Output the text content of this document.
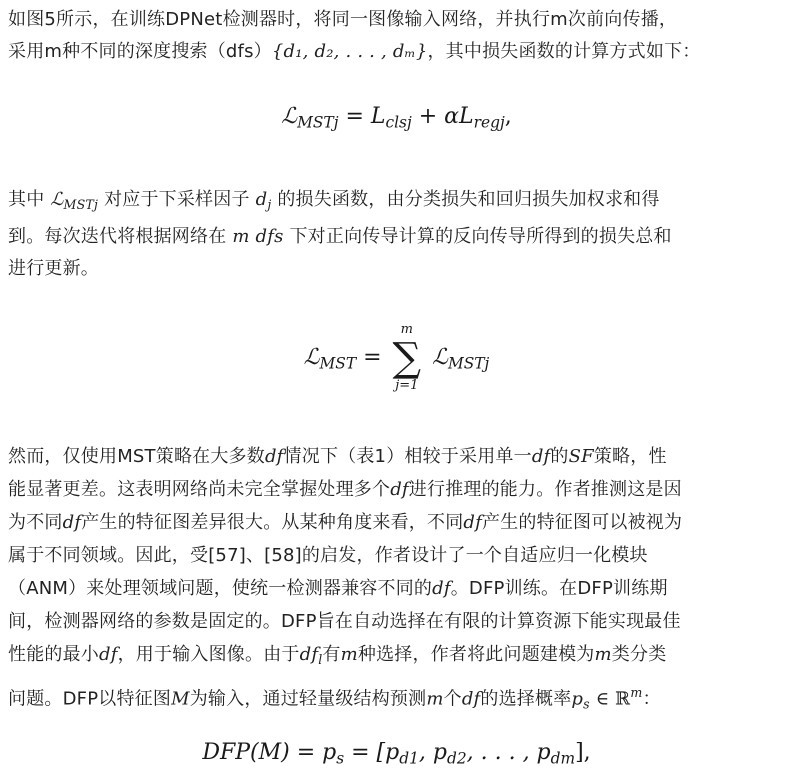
如图5所示，在训练DPNet检测器时，将同一图像输入网络，并执行m次前向传播，
采用m种不同的深度搜索（dfs）{d₁, d₂, . . . , dₘ}，其中损失函数的计算方式如下：
ℒ$_{MSTj}$ = $L_{clsj} + \alpha L_{regj}$,
其中 ℒ$_{MSTj}$ 对应于下采样因子 $d_j$ 的损失函数，由分类损失和回归损失加权求和得
到。每次迭代将根据网络在 m dfs 下对正向传导计算的反向传导所得到的损失总和
进行更新。
ℒ$_{MST}$ =
m
∑
j=1
ℒ$_{MSTj}$
然而，仅使用MST策略在大多数df情况下（表1）相较于采用单一df的SF策略，性
能显著更差。这表明网络尚未完全掌握处理多个df进行推理的能力。作者推测这是因
为不同df产生的特征图差异很大。从某种角度来看，不同df产生的特征图可以被视为
属于不同领域。因此，受[57]、[58]的启发，作者设计了一个自适应归一化模块
（ANM）来处理领域问题，使统一检测器兼容不同的df。DFP训练。在DFP训练期
间，检测器网络的参数是固定的。DFP旨在自动选择在有限的计算资源下能实现最佳
性能的最小df，用于输入图像。由于$df_l$有m种选择，作者将此问题建模为m类分类
问题。DFP以特征图M为输入，通过轻量级结构预测m个df的选择概率$p_s$ ∈ ℝ$^m$：
$DFP(M) = p_s = [p_{d1}$, $p_{d2}$, . . . , $p_{dm}$],
